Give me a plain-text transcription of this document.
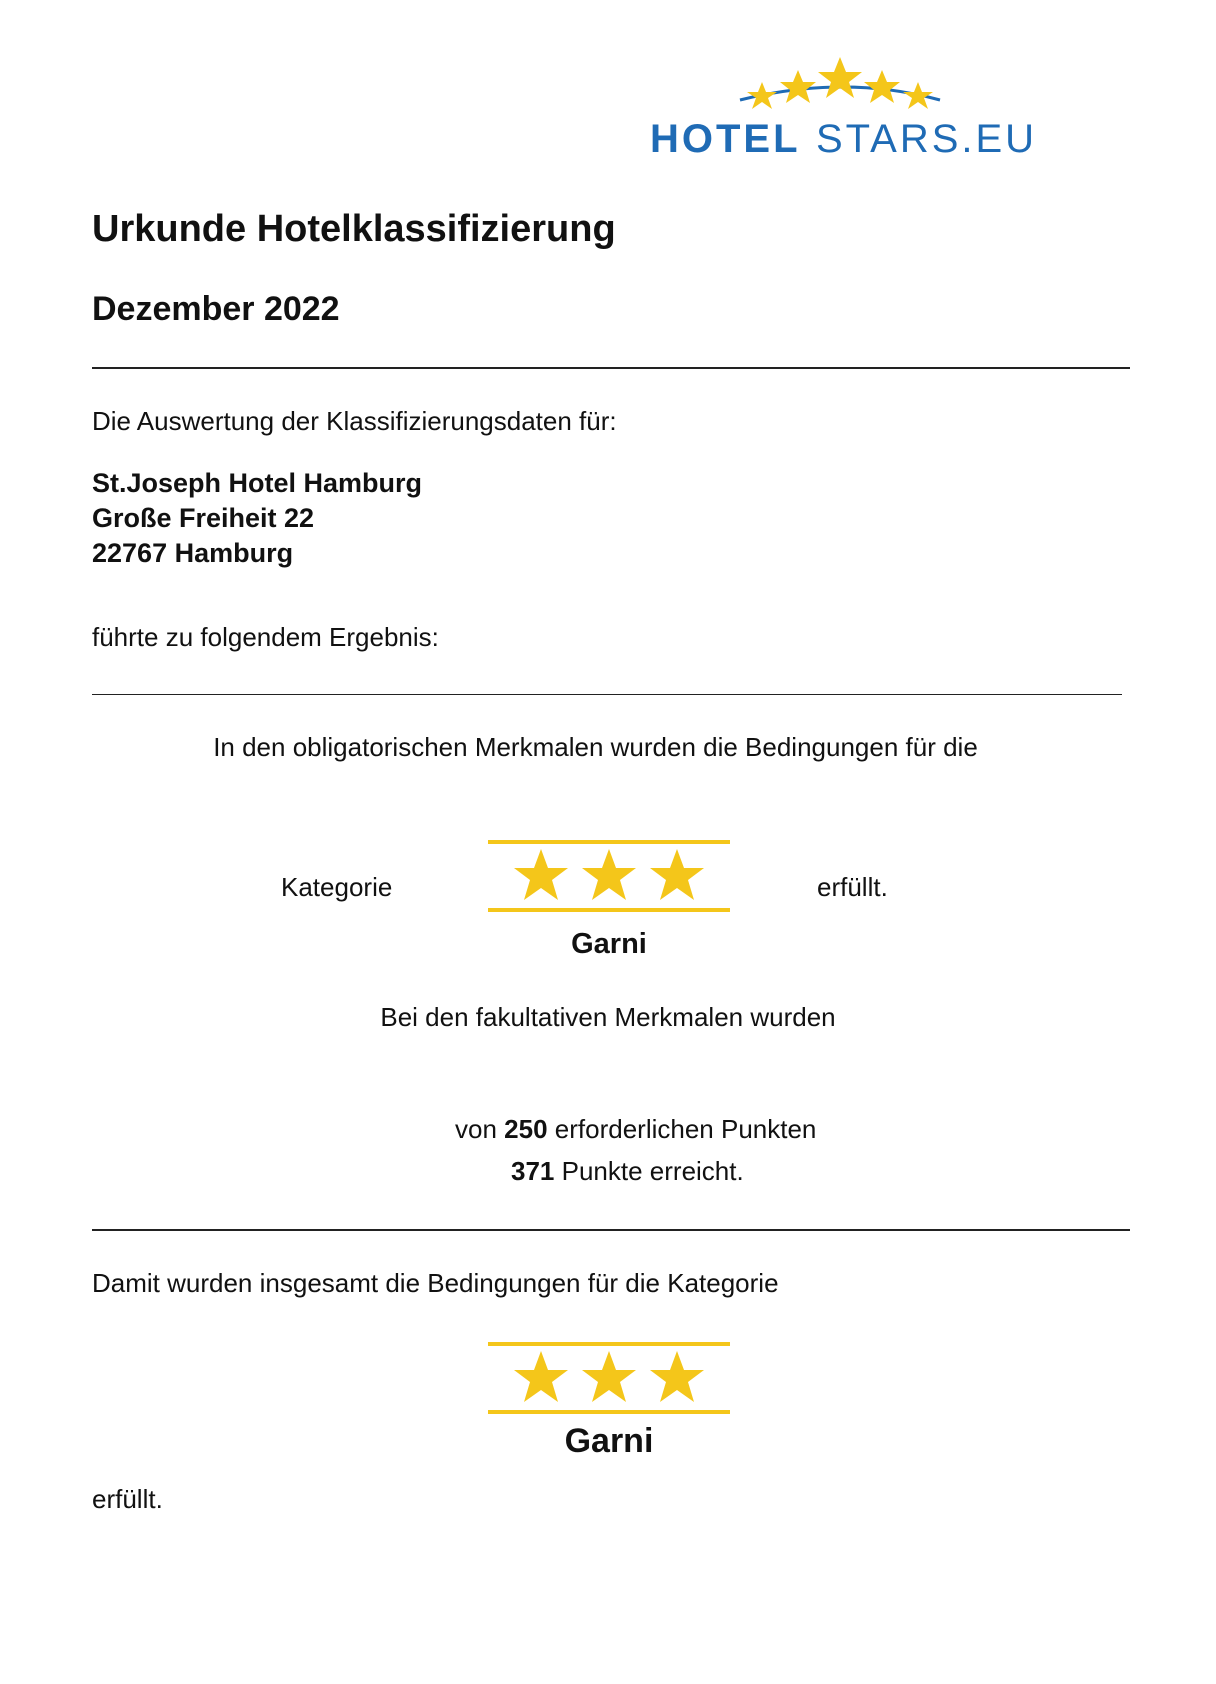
HOTEL STARS.EU
Urkunde Hotelklassifizierung
Dezember 2022
Die Auswertung der Klassifizierungsdaten für:
St.Joseph Hotel Hamburg
Große Freiheit 22
22767 Hamburg
führte zu folgendem Ergebnis:
In den obligatorischen Merkmalen wurden die Bedingungen für die
Kategorie	erfüllt.
Garni
Bei den fakultativen Merkmalen wurden
von 250 erforderlichen Punkten
371 Punkte erreicht.
Damit wurden insgesamt die Bedingungen für die Kategorie
Garni
erfüllt.
